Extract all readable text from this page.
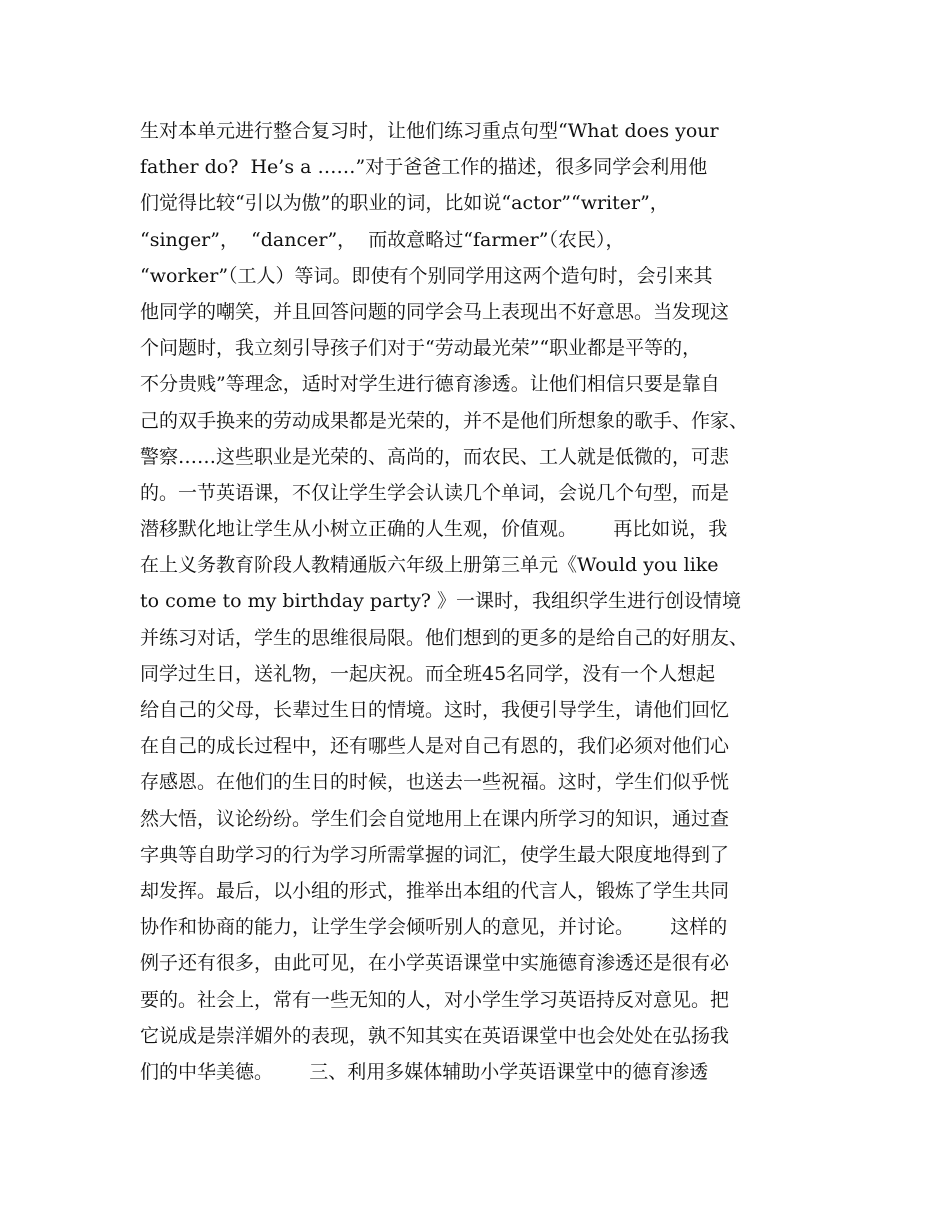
生对本单元进行整合复习时，让他们练习重点句型“What does your
father do?  He’s a ……”对于爸爸工作的描述，很多同学会利用他
们觉得比较“引以为傲”的职业的词，比如说“actor”“writer”，
“singer”，  “dancer”，  而故意略过“farmer”（农民），
“worker”（工人）等词。即使有个别同学用这两个造句时，会引来其
他同学的嘲笑，并且回答问题的同学会马上表现出不好意思。当发现这
个问题时，我立刻引导孩子们对于“劳动最光荣”“职业都是平等的，
不分贵贱”等理念，适时对学生进行德育渗透。让他们相信只要是靠自
己的双手换来的劳动成果都是光荣的，并不是他们所想象的歌手、作家、
警察……这些职业是光荣的、高尚的，而农民、工人就是低微的，可悲
的。一节英语课，不仅让学生学会认读几个单词，会说几个句型，而是
潜移默化地让学生从小树立正确的人生观，价值观。      再比如说，我
在上义务教育阶段人教精通版六年级上册第三单元《Would you like
to come to my birthday party? 》一课时，我组织学生进行创设情境
并练习对话，学生的思维很局限。他们想到的更多的是给自己的好朋友、
同学过生日，送礼物，一起庆祝。而全班45名同学，没有一个人想起
给自己的父母，长辈过生日的情境。这时，我便引导学生，请他们回忆
在自己的成长过程中，还有哪些人是对自己有恩的，我们必须对他们心
存感恩。在他们的生日的时候，也送去一些祝福。这时，学生们似乎恍
然大悟，议论纷纷。学生们会自觉地用上在课内所学习的知识，通过查
字典等自助学习的行为学习所需掌握的词汇，使学生最大限度地得到了
却发挥。最后，以小组的形式，推举出本组的代言人，锻炼了学生共同
协作和协商的能力，让学生学会倾听别人的意见，并讨论。      这样的
例子还有很多，由此可见，在小学英语课堂中实施德育渗透还是很有必
要的。社会上，常有一些无知的人，对小学生学习英语持反对意见。把
它说成是崇洋媚外的表现，孰不知其实在英语课堂中也会处处在弘扬我
们的中华美德。      三、利用多媒体辅助小学英语课堂中的德育渗透
